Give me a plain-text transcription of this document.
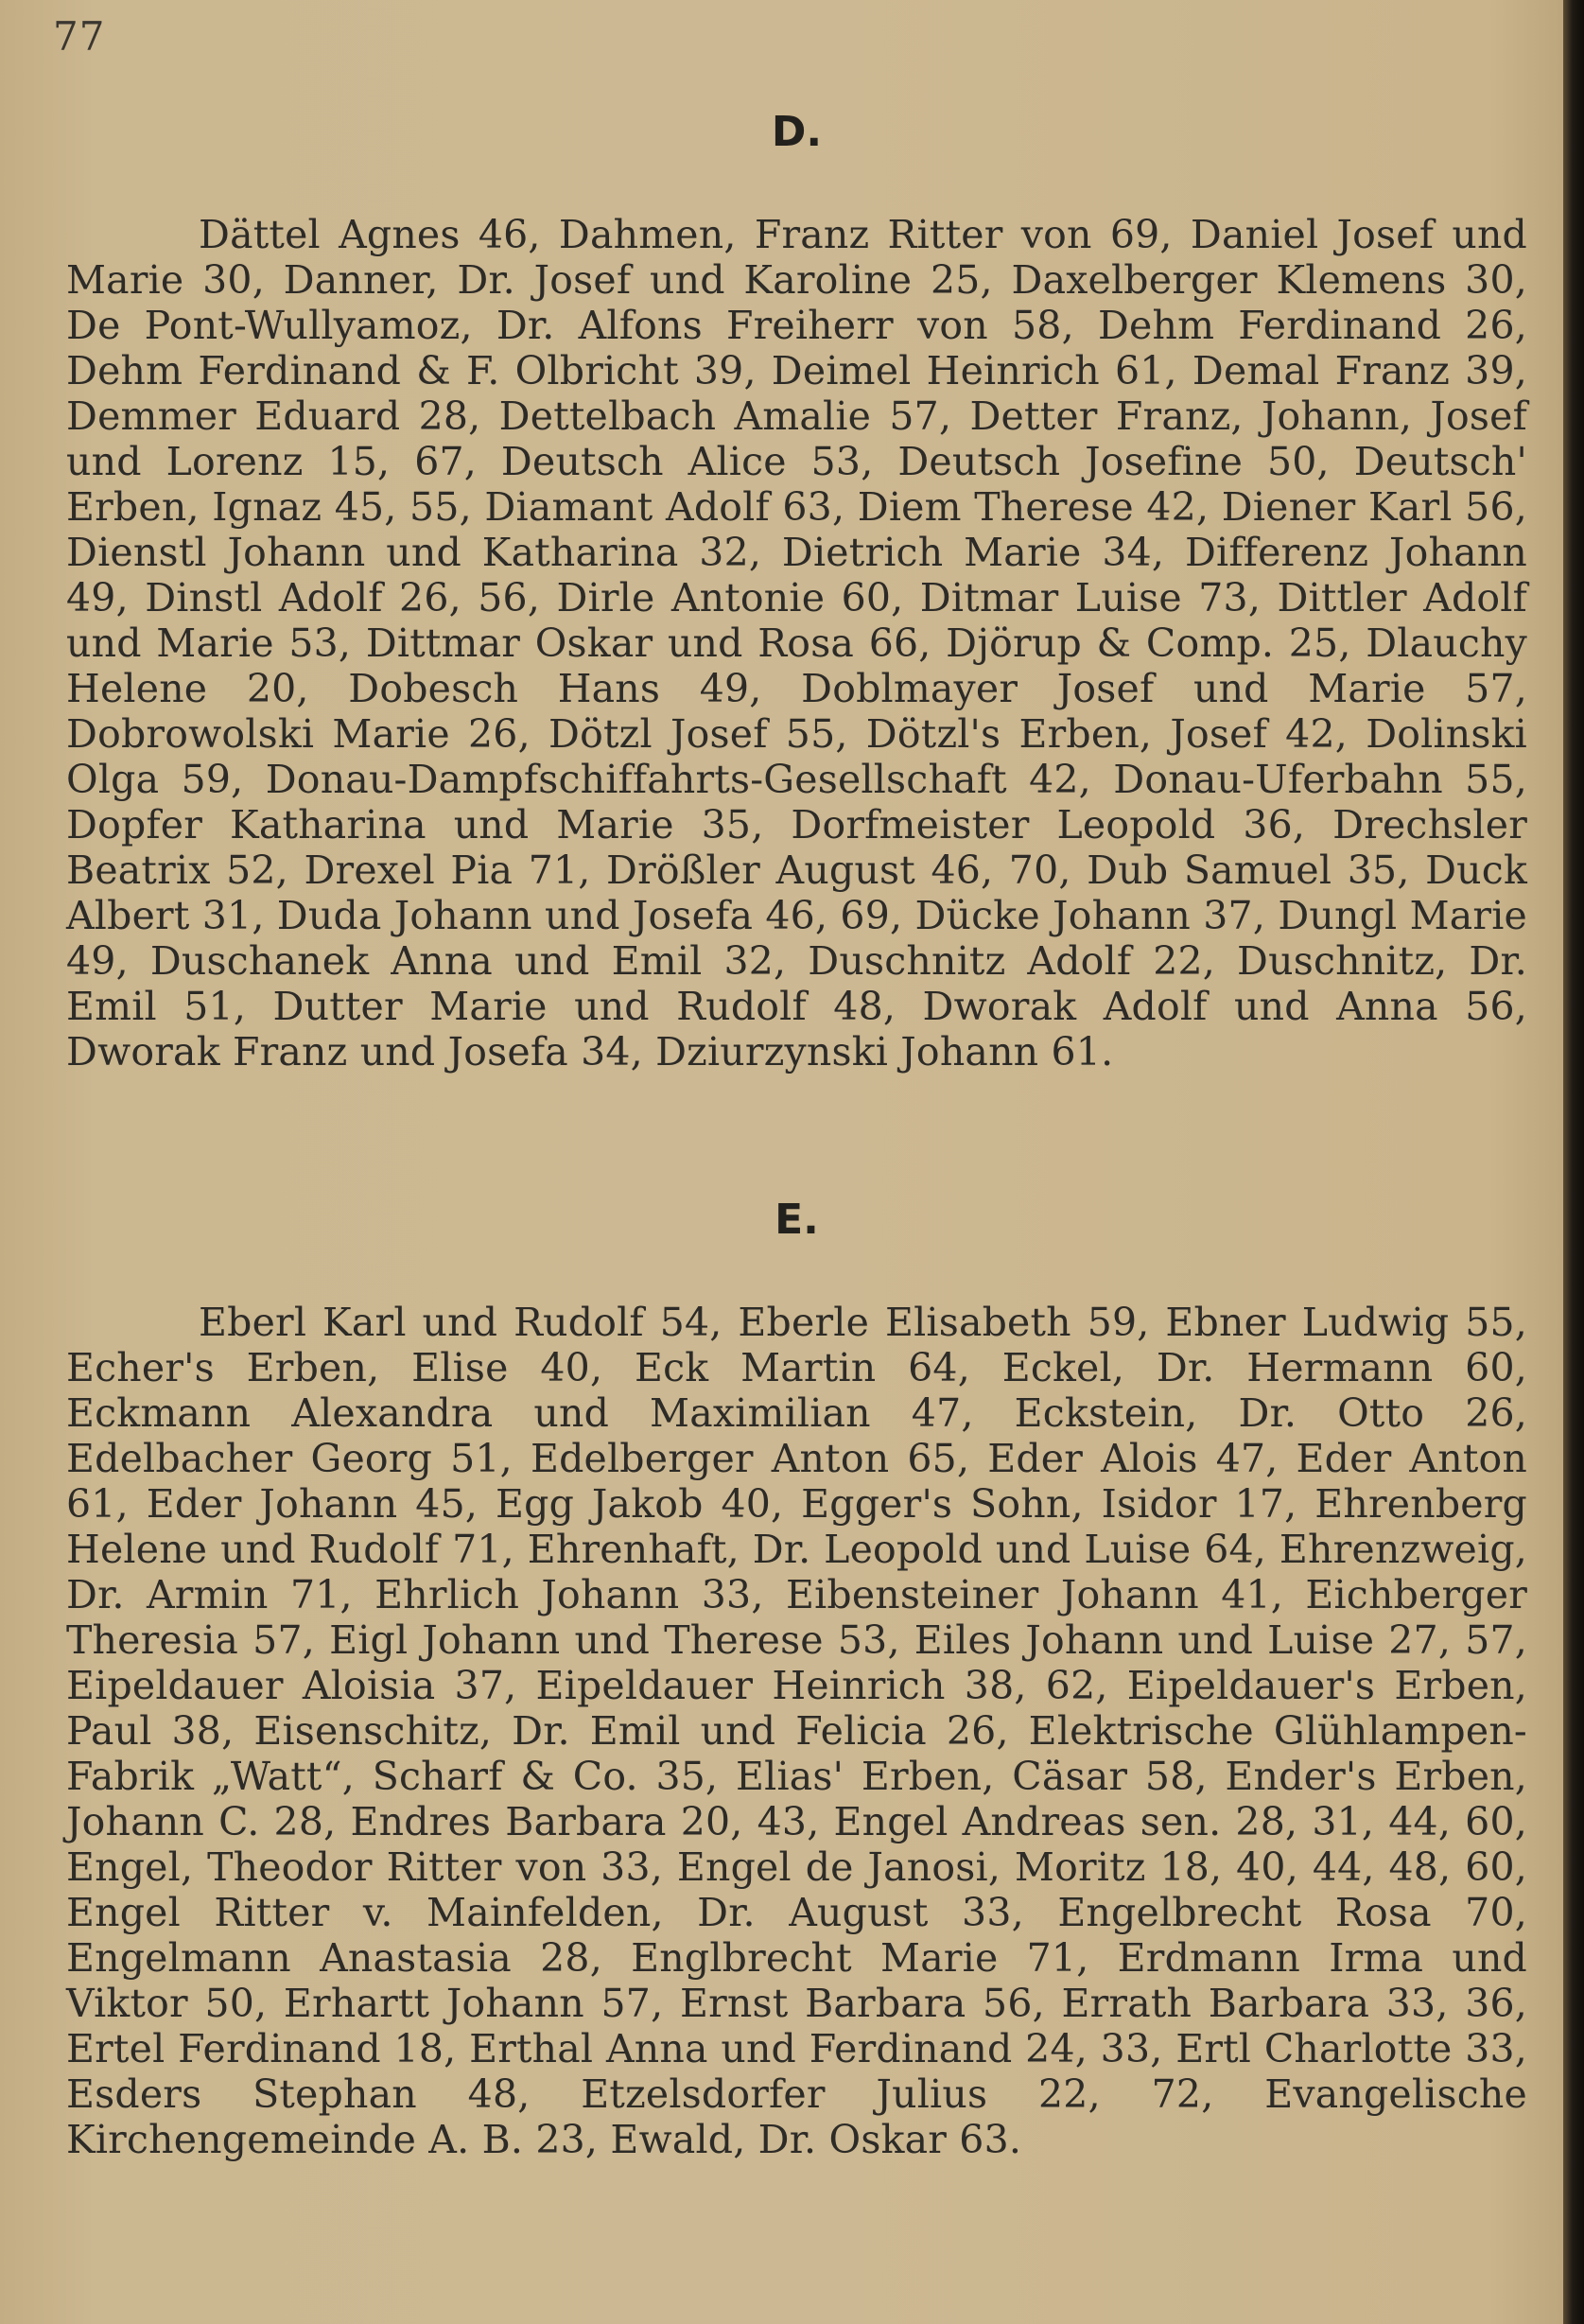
77
D.

Dättel Agnes 46, Dahmen, Franz Ritter von 69, Daniel Josef und Marie 30, Danner, Dr. Josef und Karoline 25, Daxelberger Klemens 30, De Pont-Wullyamoz, Dr. Alfons Freiherr von 58, Dehm Ferdinand 26, Dehm Ferdinand & F. Olbricht 39, Deimel Heinrich 61, Demal Franz 39, Demmer Eduard 28, Dettelbach Amalie 57, Detter Franz, Johann, Josef und Lorenz 15, 67, Deutsch Alice 53, Deutsch Josefine 50, Deutsch' Erben, Ignaz 45, 55, Diamant Adolf 63, Diem Therese 42, Diener Karl 56, Dienstl Johann und Katharina 32, Dietrich Marie 34, Differenz Johann 49, Dinstl Adolf 26, 56, Dirle Antonie 60, Ditmar Luise 73, Dittler Adolf und Marie 53, Dittmar Oskar und Rosa 66, Djörup & Comp. 25, Dlauchy Helene 20, Dobesch Hans 49, Doblmayer Josef und Marie 57, Dobrowolski Marie 26, Dötzl Josef 55, Dötzl's Erben, Josef 42, Dolinski Olga 59, Donau-Dampfschiffahrts-Gesellschaft 42, Donau-Uferbahn 55, Dopfer Katharina und Marie 35, Dorfmeister Leopold 36, Drechsler Beatrix 52, Drexel Pia 71, Drößler August 46, 70, Dub Samuel 35, Duck Albert 31, Duda Johann und Josefa 46, 69, Dücke Johann 37, Dungl Marie 49, Duschanek Anna und Emil 32, Duschnitz Adolf 22, Duschnitz, Dr. Emil 51, Dutter Marie und Rudolf 48, Dworak Adolf und Anna 56, Dworak Franz und Josefa 34, Dziurzynski Johann 61.

E.

Eberl Karl und Rudolf 54, Eberle Elisabeth 59, Ebner Ludwig 55, Echer's Erben, Elise 40, Eck Martin 64, Eckel, Dr. Hermann 60, Eckmann Alexandra und Maximilian 47, Eckstein, Dr. Otto 26, Edelbacher Georg 51, Edelberger Anton 65, Eder Alois 47, Eder Anton 61, Eder Johann 45, Egg Jakob 40, Egger's Sohn, Isidor 17, Ehrenberg Helene und Rudolf 71, Ehrenhaft, Dr. Leopold und Luise 64, Ehrenzweig, Dr. Armin 71, Ehrlich Johann 33, Eibensteiner Johann 41, Eichberger Theresia 57, Eigl Johann und Therese 53, Eiles Johann und Luise 27, 57, Eipeldauer Aloisia 37, Eipeldauer Heinrich 38, 62, Eipeldauer's Erben, Paul 38, Eisenschitz, Dr. Emil und Felicia 26, Elektrische Glühlampen-Fabrik „Watt“, Scharf & Co. 35, Elias' Erben, Cäsar 58, Ender's Erben, Johann C. 28, Endres Barbara 20, 43, Engel Andreas sen. 28, 31, 44, 60, Engel, Theodor Ritter von 33, Engel de Janosi, Moritz 18, 40, 44, 48, 60, Engel Ritter v. Mainfelden, Dr. August 33, Engelbrecht Rosa 70, Engelmann Anastasia 28, Englbrecht Marie 71, Erdmann Irma und Viktor 50, Erhartt Johann 57, Ernst Barbara 56, Errath Barbara 33, 36, Ertel Ferdinand 18, Erthal Anna und Ferdinand 24, 33, Ertl Charlotte 33, Esders Stephan 48, Etzelsdorfer Julius 22, 72, Evangelische Kirchengemeinde A. B. 23, Ewald, Dr. Oskar 63.
